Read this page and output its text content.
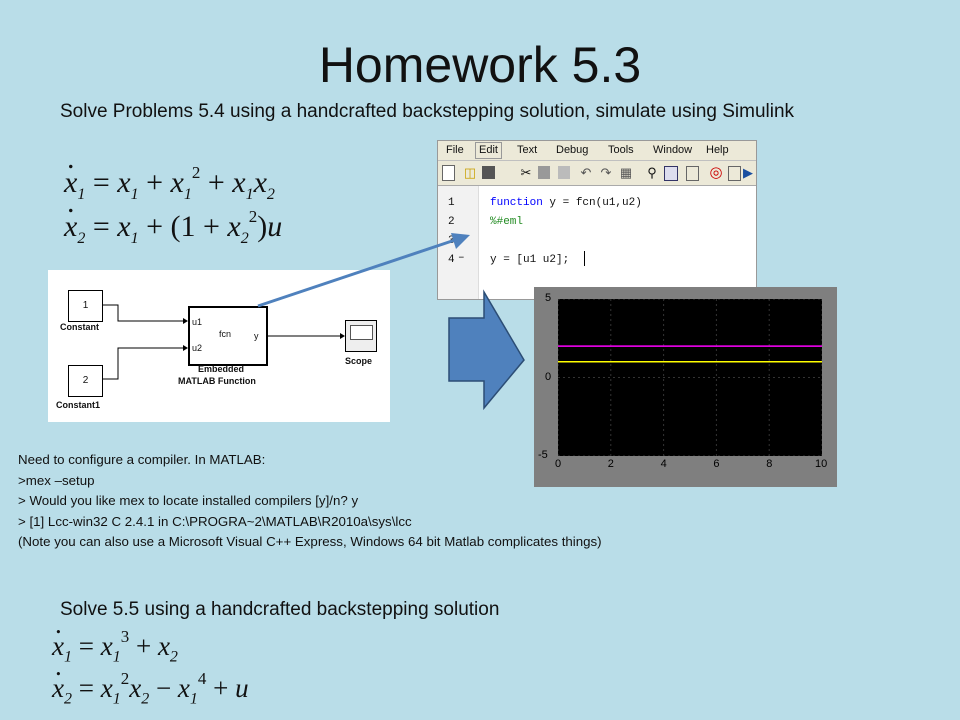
Homework 5.3
Solve Problems 5.4 using a handcrafted backstepping solution, simulate using Simulink
x $._1 = x_1 + x_1^2 + x_1x_2$
x $._2 = x_1 + (1 + x_2^2)u$
File	Edit	Text Debug Tools Window Help
◫	✂	↶ ↷ ▦ ⚲	◎ ▶
1
2
4 –
function y = fcn(u1,u2)
%#eml
y = [u1 u2];
1
Constant
2
Constant1
u1
u2
fcn	y
Embedded
MATLAB Function
Scope
5
0
-5
0	2	4	6	8	10
Need to configure a compiler. In MATLAB:
>mex –setup
> Would you like mex to locate installed compilers [y]/n? y
> [1] Lcc-win32 C 2.4.1 in C:\PROGRA~2\MATLAB\R2010a\sys\lcc
(Note you can also use a Microsoft Visual C++ Express, Windows 64 bit Matlab complicates things)
Solve 5.5 using a handcrafted backstepping solution
x $._1 = x_1^3 + x_2$
x $._2 = x_1^2x_2 - x_1^4 + u$
